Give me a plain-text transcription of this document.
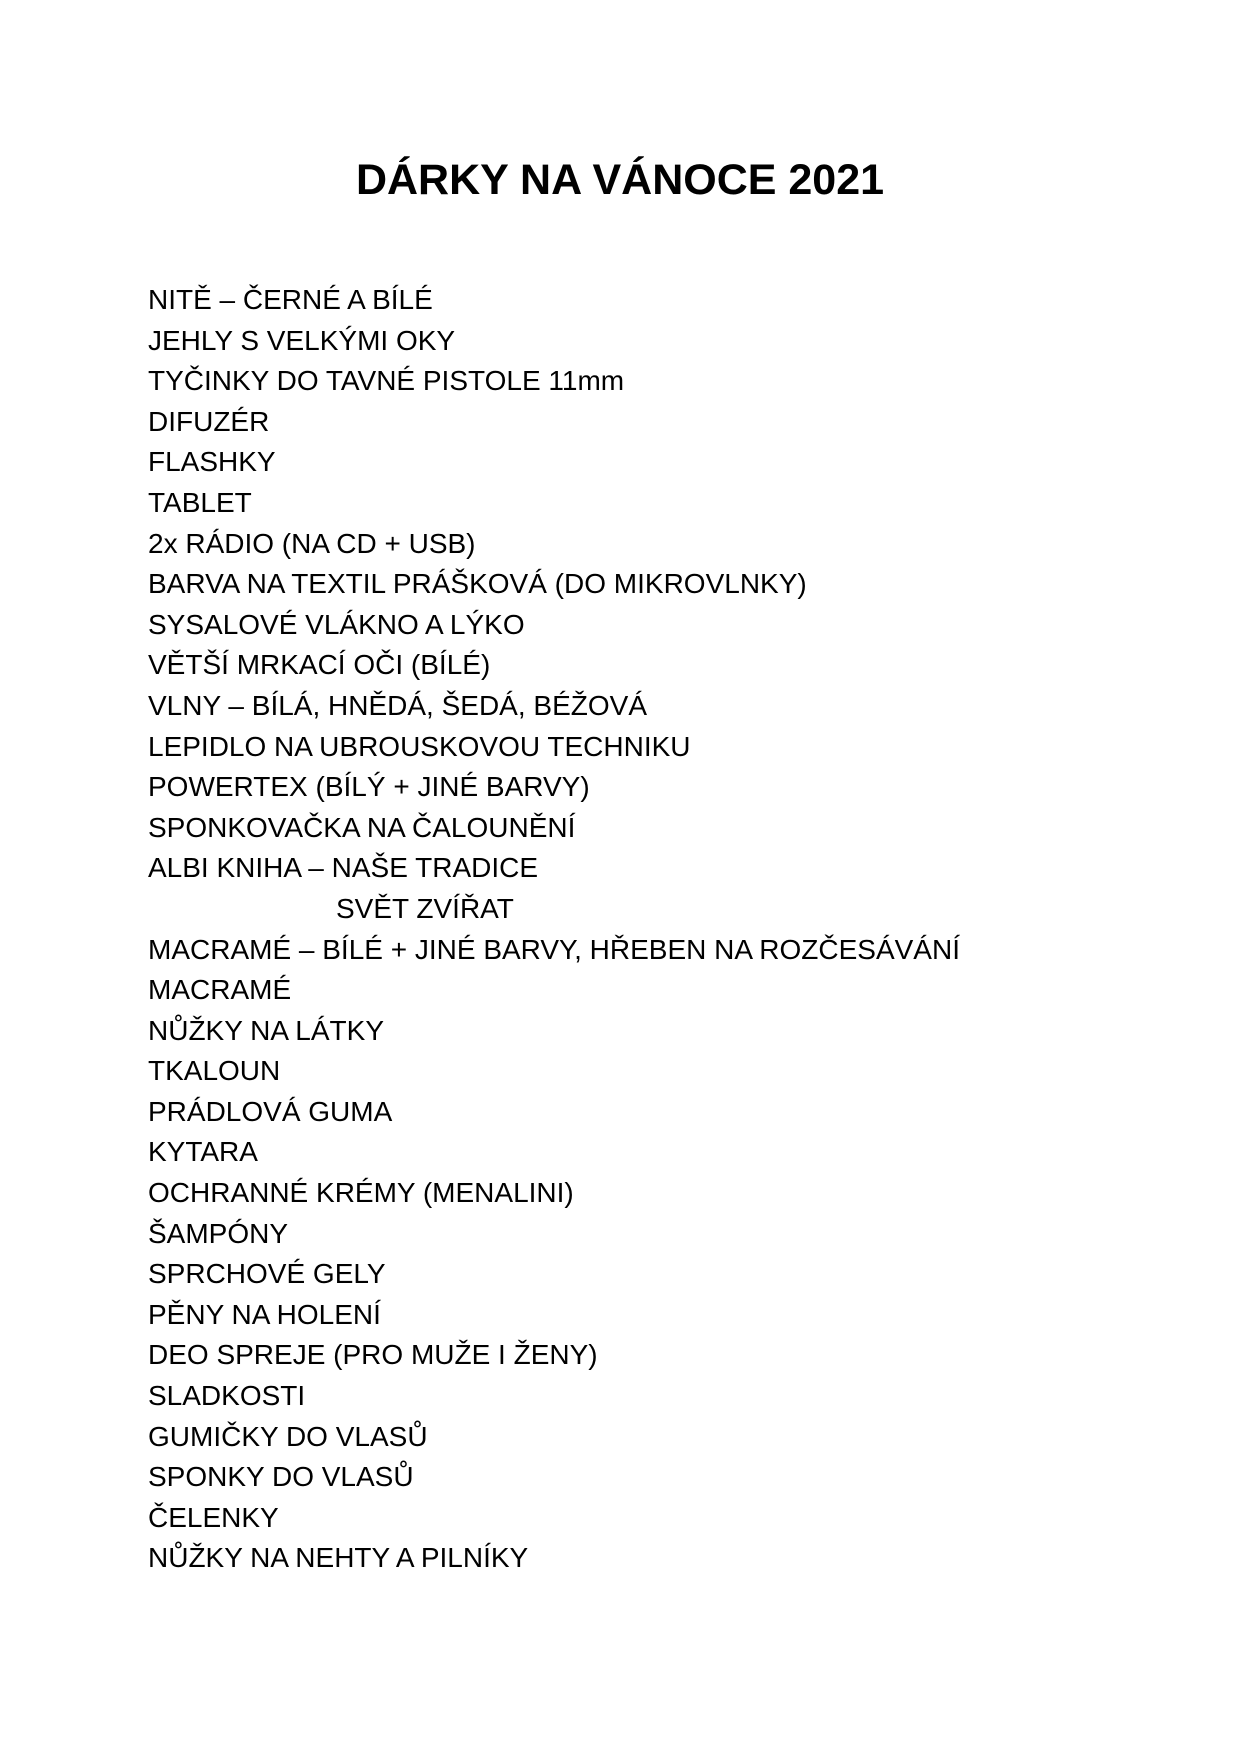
DÁRKY NA VÁNOCE 2021
NITĚ – ČERNÉ A BÍLÉ
JEHLY S VELKÝMI OKY
TYČINKY DO TAVNÉ PISTOLE 11mm
DIFUZÉR
FLASHKY
TABLET
2x RÁDIO (NA CD + USB)
BARVA NA TEXTIL PRÁŠKOVÁ (DO MIKROVLNKY)
SYSALOVÉ VLÁKNO A LÝKO
VĚTŠÍ MRKACÍ OČI (BÍLÉ)
VLNY – BÍLÁ, HNĚDÁ, ŠEDÁ, BÉŽOVÁ
LEPIDLO NA UBROUSKOVOU TECHNIKU
POWERTEX (BÍLÝ + JINÉ BARVY)
SPONKOVAČKA NA ČALOUNĚNÍ
ALBI KNIHA – NAŠE TRADICE
SVĚT ZVÍŘAT
MACRAMÉ – BÍLÉ + JINÉ BARVY, HŘEBEN NA ROZČESÁVÁNÍ
MACRAMÉ
NŮŽKY NA LÁTKY
TKALOUN
PRÁDLOVÁ GUMA
KYTARA
OCHRANNÉ KRÉMY (MENALINI)
ŠAMPÓNY
SPRCHOVÉ GELY
PĚNY NA HOLENÍ
DEO SPREJE (PRO MUŽE I ŽENY)
SLADKOSTI
GUMIČKY DO VLASŮ
SPONKY DO VLASŮ
ČELENKY
NŮŽKY NA NEHTY A PILNÍKY
